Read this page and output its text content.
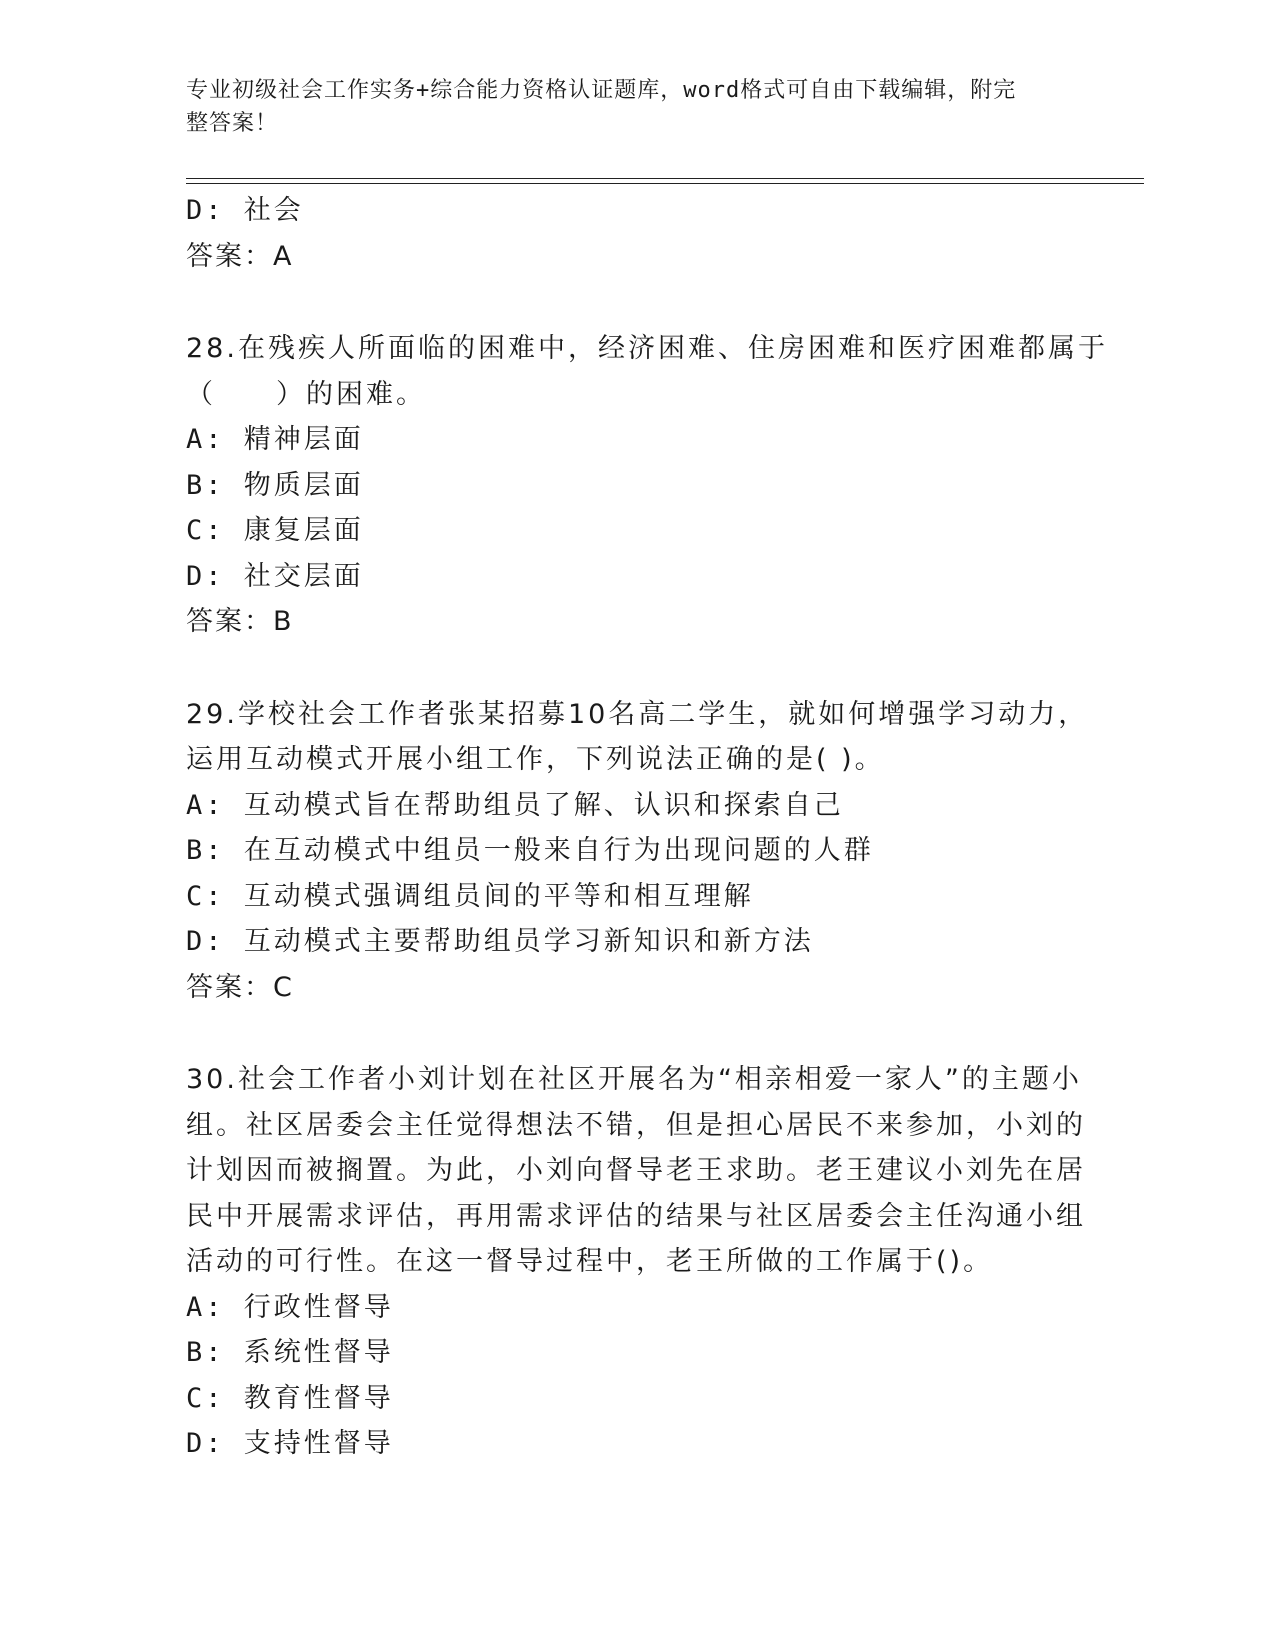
专业初级社会工作实务+综合能力资格认证题库，word格式可自由下载编辑，附完
整答案！
D: 社会
答案：A
28.在残疾人所面临的困难中，经济困难、住房困难和医疗困难都属于
（　　）的困难。
A: 精神层面
B: 物质层面
C: 康复层面
D: 社交层面
答案：B
29.学校社会工作者张某招募10名高二学生，就如何增强学习动力，
运用互动模式开展小组工作，下列说法正确的是( )。
A: 互动模式旨在帮助组员了解、认识和探索自己
B: 在互动模式中组员一般来自行为出现问题的人群
C: 互动模式强调组员间的平等和相互理解
D: 互动模式主要帮助组员学习新知识和新方法
答案：C
30.社会工作者小刘计划在社区开展名为“相亲相爱一家人”的主题小
组。社区居委会主任觉得想法不错，但是担心居民不来参加，小刘的
计划因而被搁置。为此，小刘向督导老王求助。老王建议小刘先在居
民中开展需求评估，再用需求评估的结果与社区居委会主任沟通小组
活动的可行性。在这一督导过程中，老王所做的工作属于()。
A: 行政性督导
B: 系统性督导
C: 教育性督导
D: 支持性督导
